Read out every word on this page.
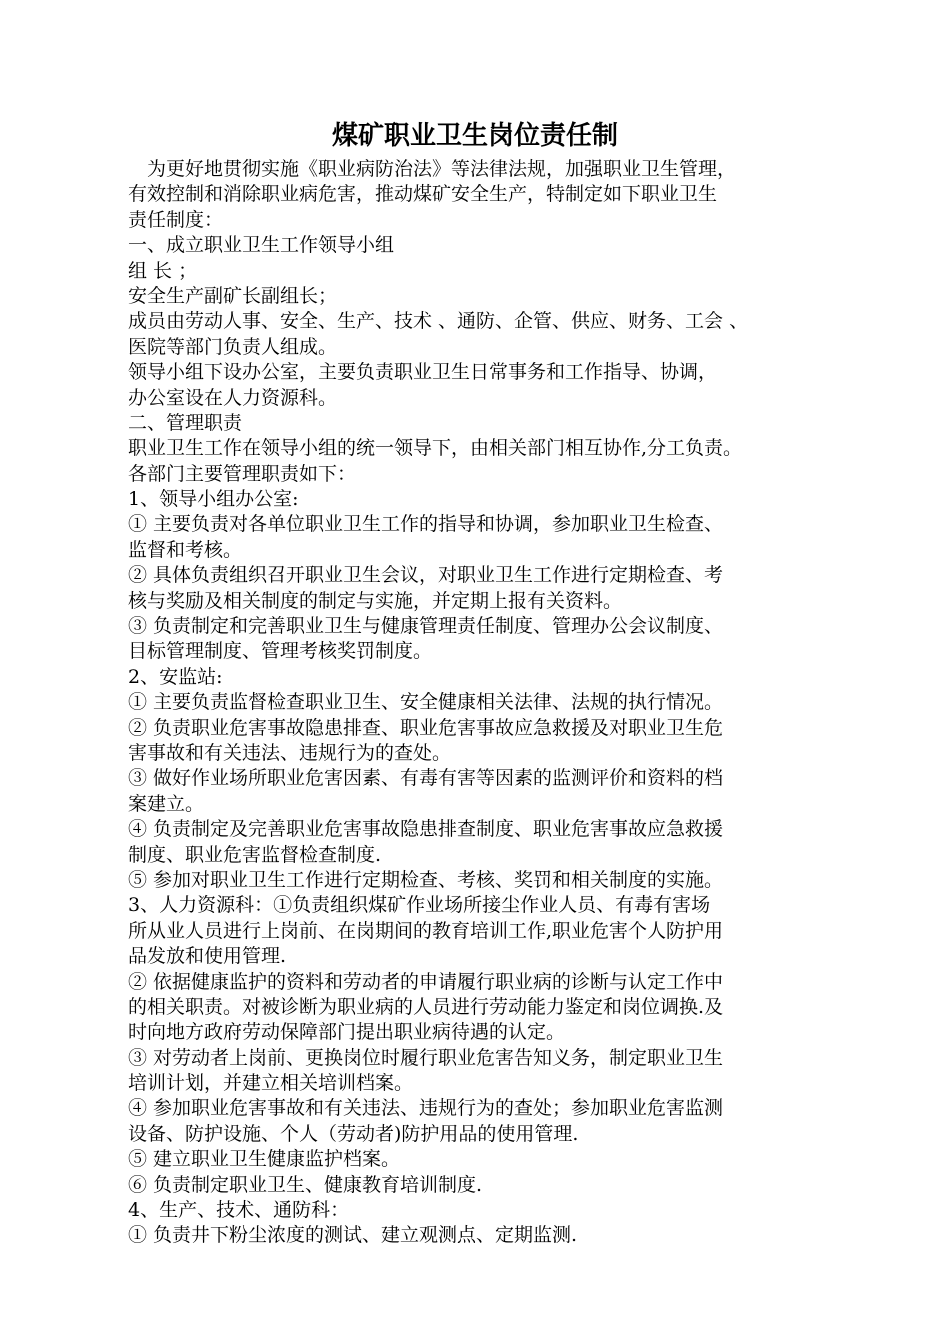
煤矿职业卫生岗位责任制
　为更好地贯彻实施《职业病防治法》等法律法规，加强职业卫生管理，
有效控制和消除职业病危害，推动煤矿安全生产，特制定如下职业卫生
责任制度：
一、成立职业卫生工作领导小组
组 长 ；
安全生产副矿长副组长；
成员由劳动人事、安全、生产、技术 、通防、企管、供应、财务、工会 、
医院等部门负责人组成。
领导小组下设办公室，主要负责职业卫生日常事务和工作指导、协调，
办公室设在人力资源科。
二、管理职责
职业卫生工作在领导小组的统一领导下，由相关部门相互协作,分工负责。
各部门主要管理职责如下：
1、领导小组办公室:
① 主要负责对各单位职业卫生工作的指导和协调，参加职业卫生检查、
监督和考核。
② 具体负责组织召开职业卫生会议，对职业卫生工作进行定期检查、考
核与奖励及相关制度的制定与实施，并定期上报有关资料。
③ 负责制定和完善职业卫生与健康管理责任制度、管理办公会议制度、
目标管理制度、管理考核奖罚制度。
2、安监站:
① 主要负责监督检查职业卫生、安全健康相关法律、法规的执行情况。
② 负责职业危害事故隐患排查、职业危害事故应急救援及对职业卫生危
害事故和有关违法、违规行为的查处。
③ 做好作业场所职业危害因素、有毒有害等因素的监测评价和资料的档
案建立。
④ 负责制定及完善职业危害事故隐患排查制度、职业危害事故应急救援
制度、职业危害监督检查制度.
⑤ 参加对职业卫生工作进行定期检查、考核、奖罚和相关制度的实施。
3、人力资源科：①负责组织煤矿作业场所接尘作业人员、有毒有害场
所从业人员进行上岗前、在岗期间的教育培训工作,职业危害个人防护用
品发放和使用管理.
② 依据健康监护的资料和劳动者的申请履行职业病的诊断与认定工作中
的相关职责。对被诊断为职业病的人员进行劳动能力鉴定和岗位调换.及
时向地方政府劳动保障部门提出职业病待遇的认定。
③ 对劳动者上岗前、更换岗位时履行职业危害告知义务，制定职业卫生
培训计划，并建立相关培训档案。
④ 参加职业危害事故和有关违法、违规行为的查处；参加职业危害监测
设备、防护设施、个人（劳动者)防护用品的使用管理.
⑤ 建立职业卫生健康监护档案。
⑥ 负责制定职业卫生、健康教育培训制度.
4、生产、技术、通防科：
① 负责井下粉尘浓度的测试、建立观测点、定期监测.
